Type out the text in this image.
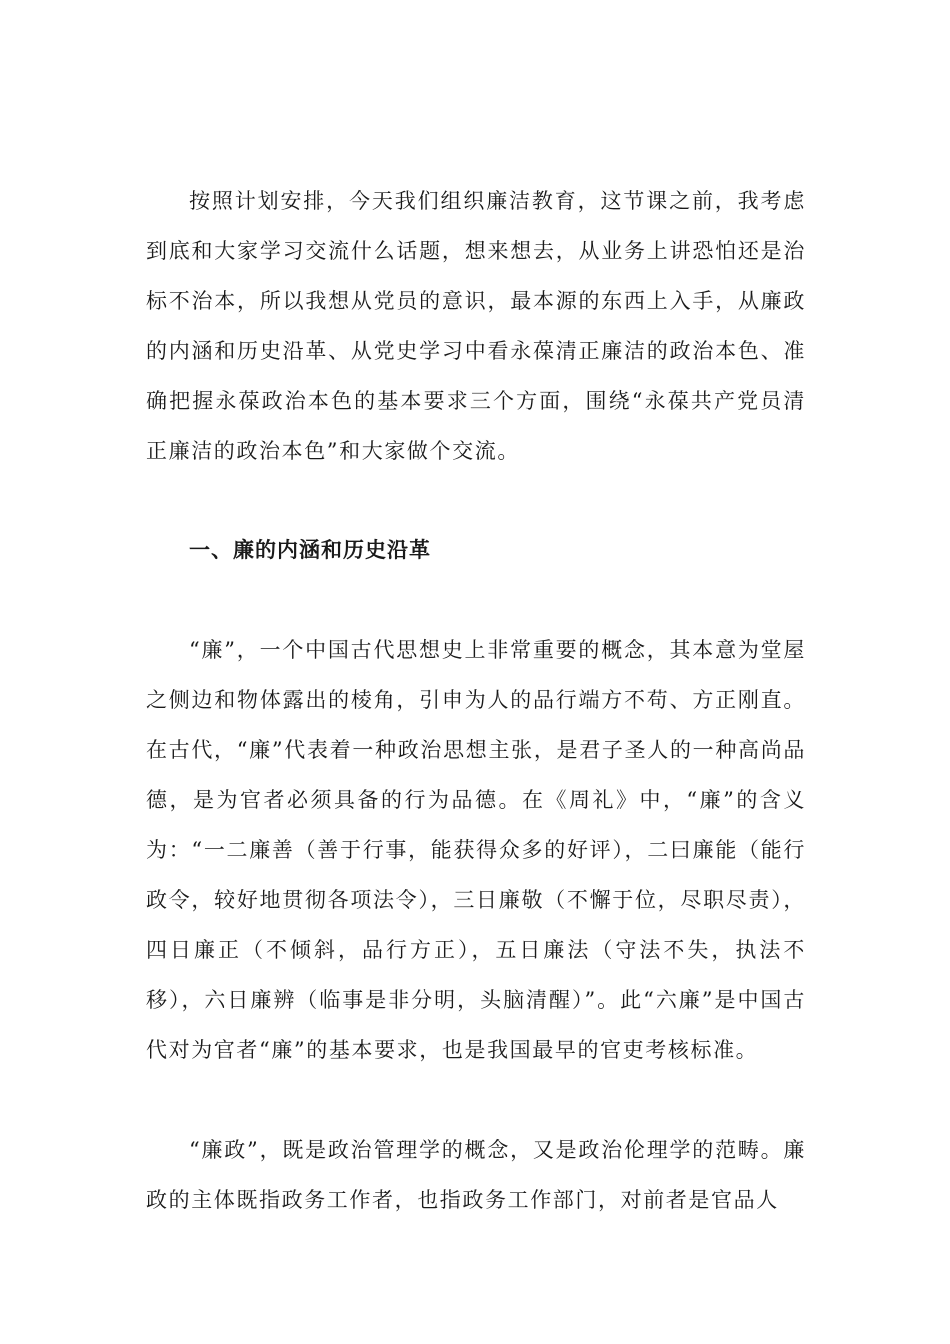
按照计划安排，今天我们组织廉洁教育，这节课之前，我考虑到底和大家学习交流什么话题，想来想去，从业务上讲恐怕还是治标不治本，所以我想从党员的意识，最本源的东西上入手，从廉政的内涵和历史沿革、从党史学习中看永葆清正廉洁的政治本色、准确把握永葆政治本色的基本要求三个方面，围绕“永葆共产党员清正廉洁的政治本色”和大家做个交流。

一、廉的内涵和历史沿革

“廉”，一个中国古代思想史上非常重要的概念，其本意为堂屋之侧边和物体露出的棱角，引申为人的品行端方不苟、方正刚直。在古代，“廉”代表着一种政治思想主张，是君子圣人的一种高尚品德，是为官者必须具备的行为品德。在《周礼》中，“廉”的含义为：“一二廉善（善于行事，能获得众多的好评），二曰廉能（能行政令，较好地贯彻各项法令），三日廉敬（不懈于位，尽职尽责），四日廉正（不倾斜，品行方正），五日廉法（守法不失，执法不移），六日廉辨（临事是非分明，头脑清醒）”。此“六廉”是中国古代对为官者“廉”的基本要求，也是我国最早的官吏考核标准。

“廉政”，既是政治管理学的概念，又是政治伦理学的范畴。廉政的主体既指政务工作者，也指政务工作部门，对前者是官品人
